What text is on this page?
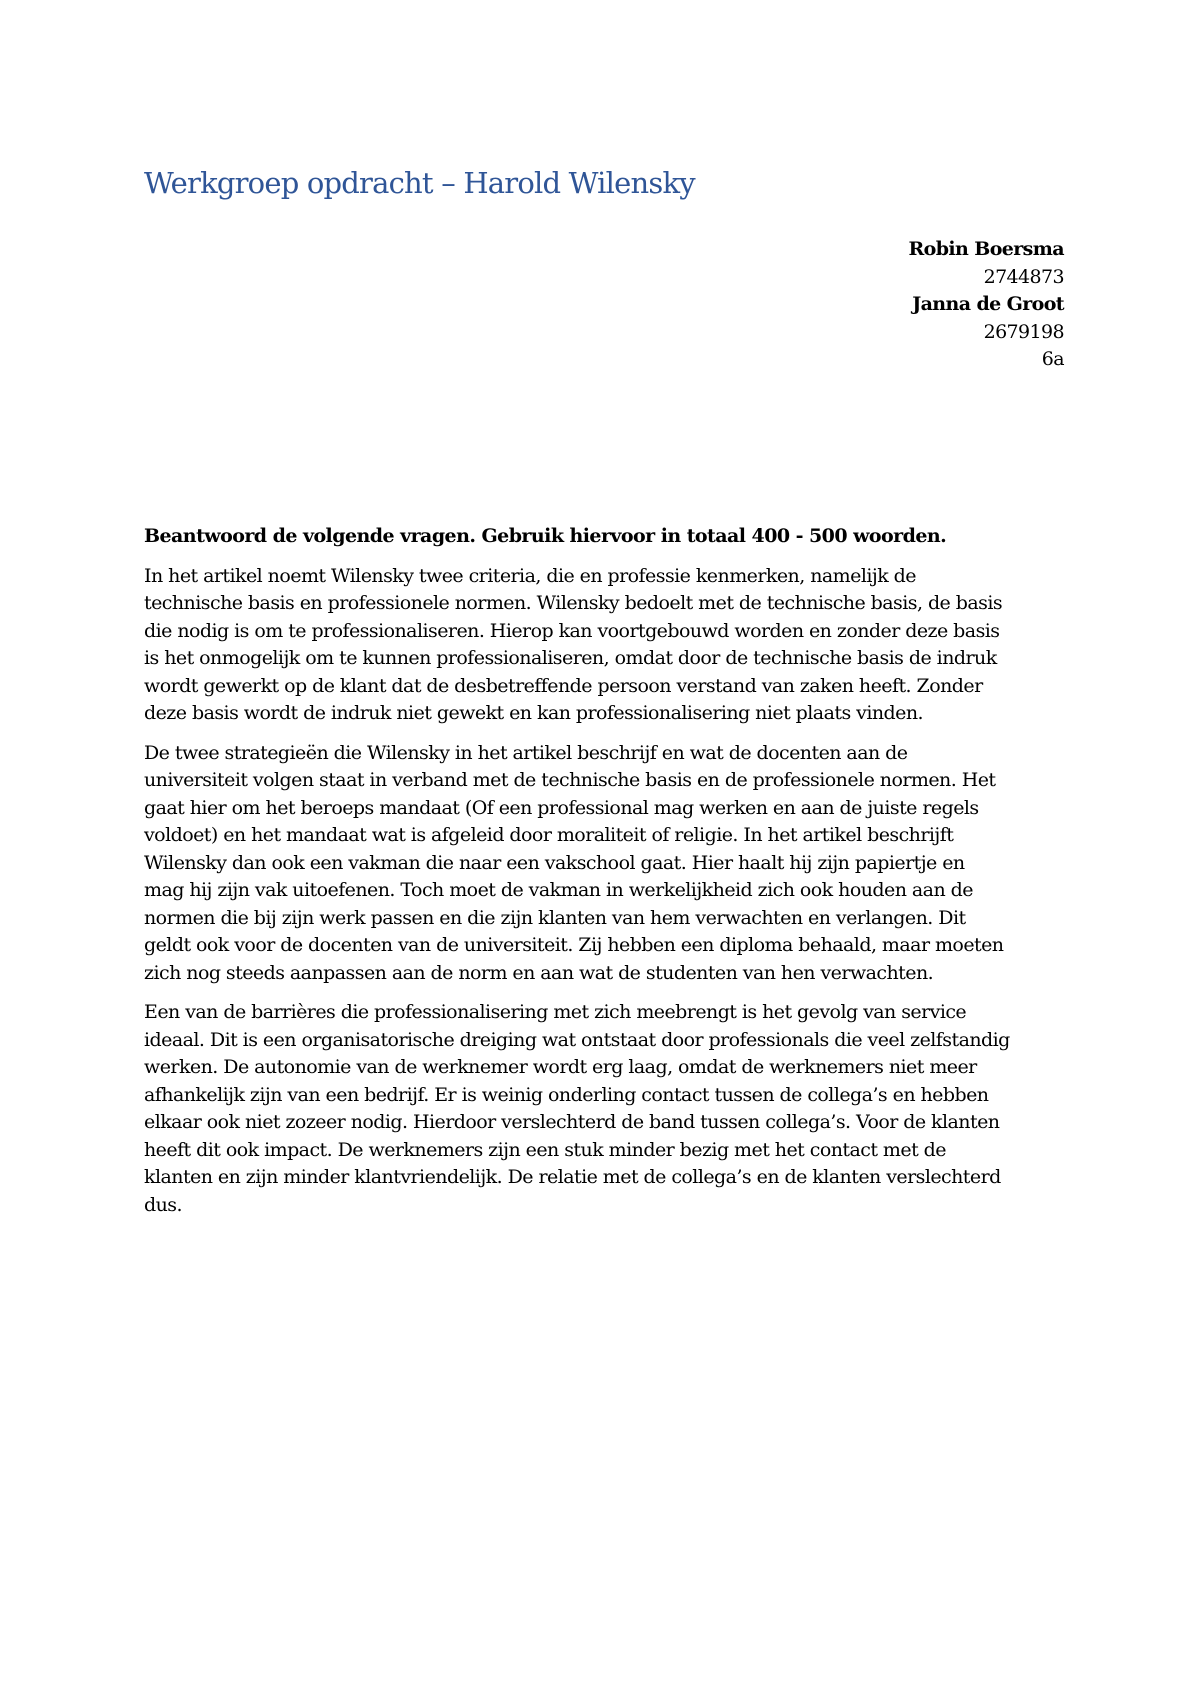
Werkgroep opdracht – Harold Wilensky
Robin Boersma
2744873
Janna de Groot
2679198
6a

Beantwoord de volgende vragen. Gebruik hiervoor in totaal 400 - 500 woorden.

In het artikel noemt Wilensky twee criteria, die en professie kenmerken, namelijk de
technische basis en professionele normen. Wilensky bedoelt met de technische basis, de basis
die nodig is om te professionaliseren. Hierop kan voortgebouwd worden en zonder deze basis
is het onmogelijk om te kunnen professionaliseren, omdat door de technische basis de indruk
wordt gewerkt op de klant dat de desbetreffende persoon verstand van zaken heeft. Zonder
deze basis wordt de indruk niet gewekt en kan professionalisering niet plaats vinden.

De twee strategieën die Wilensky in het artikel beschrijf en wat de docenten aan de
universiteit volgen staat in verband met de technische basis en de professionele normen. Het
gaat hier om het beroeps mandaat (Of een professional mag werken en aan de juiste regels
voldoet) en het mandaat wat is afgeleid door moraliteit of religie. In het artikel beschrijft
Wilensky dan ook een vakman die naar een vakschool gaat. Hier haalt hij zijn papiertje en
mag hij zijn vak uitoefenen. Toch moet de vakman in werkelijkheid zich ook houden aan de
normen die bij zijn werk passen en die zijn klanten van hem verwachten en verlangen. Dit
geldt ook voor de docenten van de universiteit. Zij hebben een diploma behaald, maar moeten
zich nog steeds aanpassen aan de norm en aan wat de studenten van hen verwachten.

Een van de barrières die professionalisering met zich meebrengt is het gevolg van service
ideaal. Dit is een organisatorische dreiging wat ontstaat door professionals die veel zelfstandig
werken. De autonomie van de werknemer wordt erg laag, omdat de werknemers niet meer
afhankelijk zijn van een bedrijf. Er is weinig onderling contact tussen de collega’s en hebben
elkaar ook niet zozeer nodig. Hierdoor verslechterd de band tussen collega’s. Voor de klanten
heeft dit ook impact. De werknemers zijn een stuk minder bezig met het contact met de
klanten en zijn minder klantvriendelijk. De relatie met de collega’s en de klanten verslechterd
dus.
